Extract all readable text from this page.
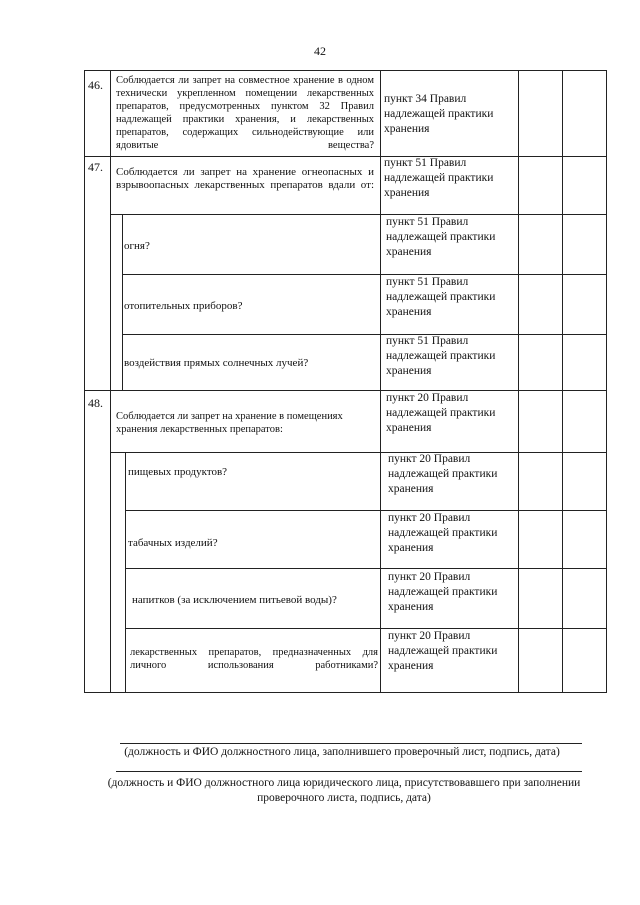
42
46. Соблюдается ли запрет на совместное хранение в одном технически укрепленном помещении лекарственных препаратов, предусмотренных пунктом 32 Правил надлежащей практики хранения, и лекарственных препаратов, содержащих сильнодействующие или ядовитые вещества?
пункт 34 Правил надлежащей практики хранения
47. Соблюдается ли запрет на хранение огнеопасных и взрывоопасных лекарственных препаратов вдали от:
пункт 51 Правил надлежащей практики хранения
огня?
пункт 51 Правил надлежащей практики хранения
отопительных приборов?
пункт 51 Правил надлежащей практики хранения
воздействия прямых солнечных лучей?
пункт 51 Правил надлежащей практики хранения
48.
Соблюдается ли запрет на хранение в помещениях хранения лекарственных препаратов:
пункт 20 Правил надлежащей практики хранения
пищевых продуктов?
пункт 20 Правил надлежащей практики хранения
табачных изделий?
пункт 20 Правил надлежащей практики хранения
напитков (за исключением питьевой воды)?
пункт 20 Правил надлежащей практики хранения
лекарственных препаратов, предназначенных для личного использования работниками?
пункт 20 Правил надлежащей практики хранения
(должность и ФИО должностного лица, заполнившего проверочный лист, подпись, дата)
(должность и ФИО должностного лица юридического лица, присутствовавшего при заполнении проверочного листа, подпись, дата)
